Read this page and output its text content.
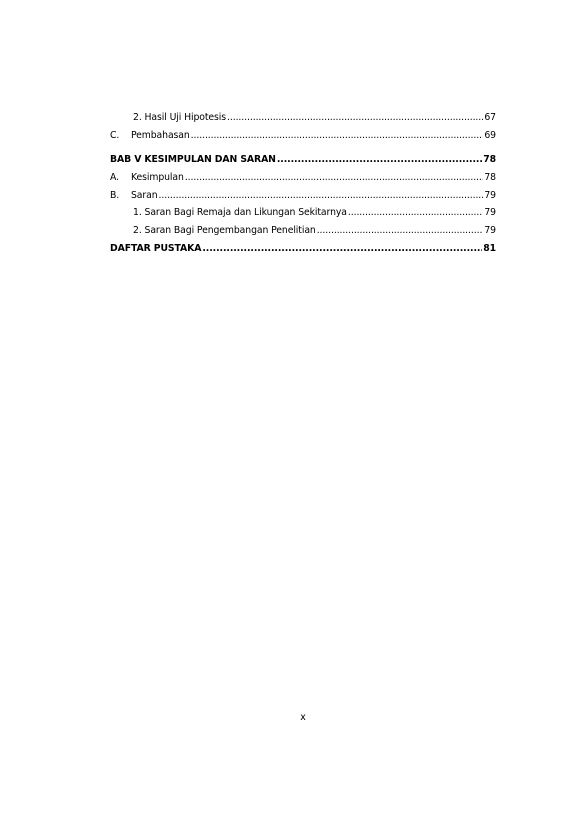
2. Hasil Uji Hipotesis .....	67
C.	Pembahasan .....	69
BAB V KESIMPULAN DAN SARAN .....	78
A.	Kesimpulan .....	78
B.	Saran .....	79
1. Saran Bagi Remaja dan Likungan Sekitarnya .....	79
2. Saran Bagi Pengembangan Penelitian .....	79
DAFTAR PUSTAKA .....	81
x
